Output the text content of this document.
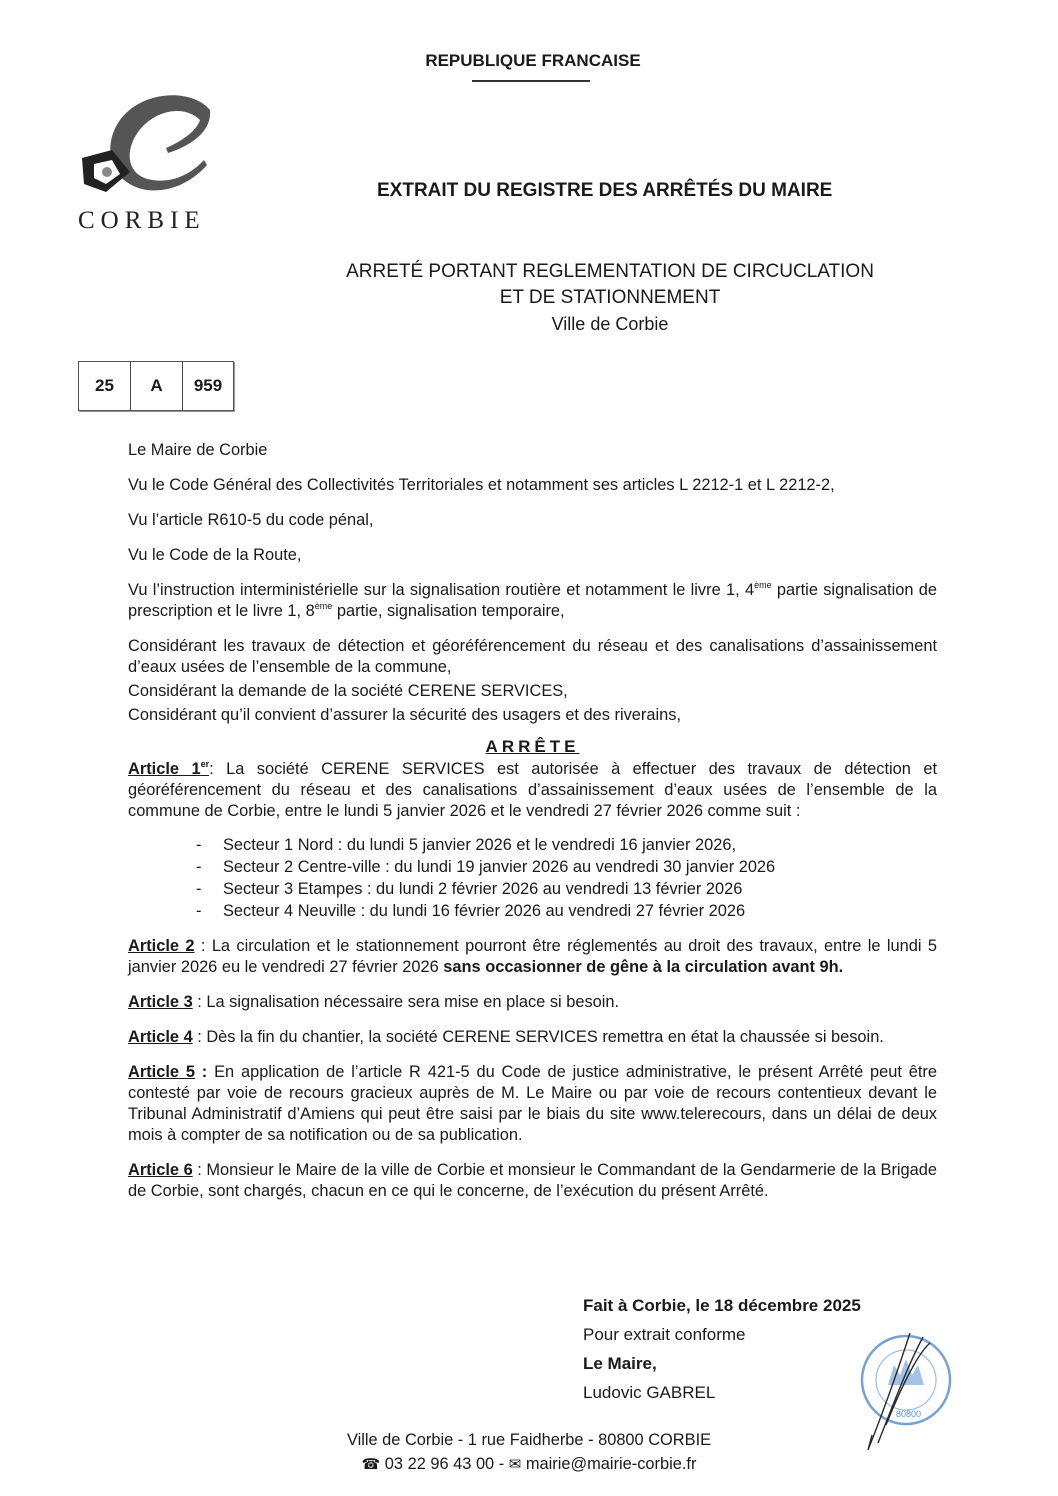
REPUBLIQUE FRANCAISE
CORBIE
EXTRAIT DU REGISTRE DES ARRÊTÉS DU MAIRE
ARRETÉ PORTANT REGLEMENTATION DE CIRCUCLATION
ET DE STATIONNEMENT
Ville de Corbie
25	A	959

Le Maire de Corbie

Vu le Code Général des Collectivités Territoriales et notamment ses articles L 2212-1 et L 2212-2,

Vu l’article R610-5 du code pénal,

Vu le Code de la Route,

Vu l’instruction interministérielle sur la signalisation routière et notamment le livre 1, 4ème partie signalisation de prescription et le livre 1, 8ème partie, signalisation temporaire,

Considérant les travaux de détection et géoréférencement du réseau et des canalisations d’assainissement d’eaux usées de l’ensemble de la commune,

Considérant la demande de la société CERENE SERVICES,

Considérant qu’il convient d’assurer la sécurité des usagers et des riverains,

ARRÊTE

Article 1er: La société CERENE SERVICES est autorisée à effectuer des travaux de détection et géoréférencement du réseau et des canalisations d’assainissement d’eaux usées de l’ensemble de la commune de Corbie, entre le lundi 5 janvier 2026 et le vendredi 27 février 2026 comme suit :

- Secteur 1 Nord : du lundi 5 janvier 2026 et le vendredi 16 janvier 2026,
- Secteur 2 Centre-ville : du lundi 19 janvier 2026 au vendredi 30 janvier 2026
- Secteur 3 Etampes : du lundi 2 février 2026 au vendredi 13 février 2026
- Secteur 4 Neuville : du lundi 16 février 2026 au vendredi 27 février 2026

Article 2 : La circulation et le stationnement pourront être réglementés au droit des travaux, entre le lundi 5 janvier 2026 eu le vendredi 27 février 2026 sans occasionner de gêne à la circulation avant 9h.

Article 3 : La signalisation nécessaire sera mise en place si besoin.

Article 4 : Dès la fin du chantier, la société CERENE SERVICES remettra en état la chaussée si besoin.

Article 5 : En application de l’article R 421-5 du Code de justice administrative, le présent Arrêté peut être contesté par voie de recours gracieux auprès de M. Le Maire ou par voie de recours contentieux devant le Tribunal Administratif d’Amiens qui peut être saisi par le biais du site www.telerecours, dans un délai de deux mois à compter de sa notification ou de sa publication.

Article 6 : Monsieur le Maire de la ville de Corbie et monsieur le Commandant de la Gendarmerie de la Brigade de Corbie, sont chargés, chacun en ce qui le concerne, de l’exécution du présent Arrêté.

Fait à Corbie, le 18 décembre 2025
Pour extrait conforme
Le Maire,
Ludovic GABREL
80800
Ville de Corbie - 1 rue Faidherbe - 80800 CORBIE
☎ 03 22 96 43 00 - ✉ mairie@mairie-corbie.fr
